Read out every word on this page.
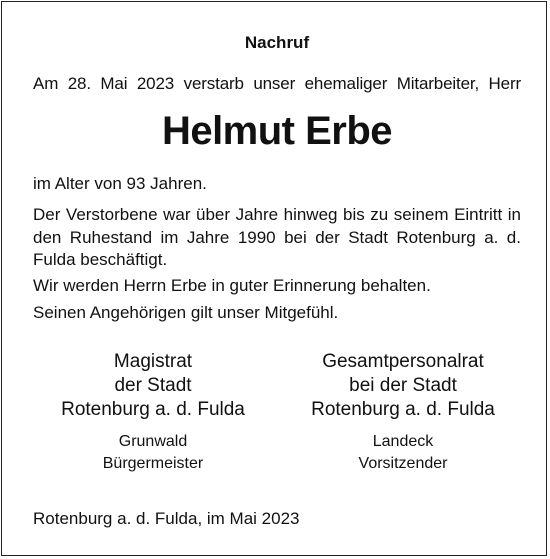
Nachruf
Am 28. Mai 2023 verstarb unser ehemaliger Mitarbeiter, Herr
Helmut Erbe
im Alter von 93 Jahren.
Der Verstorbene war über Jahre hinweg bis zu seinem Eintritt in den Ruhestand im Jahre 1990 bei der Stadt Rotenburg a. d. Fulda beschäftigt.
Wir werden Herrn Erbe in guter Erinnerung behalten.
Seinen Angehörigen gilt unser Mitgefühl.
Magistrat
der Stadt
Rotenburg a. d. Fulda
Grunwald
Bürgermeister
Gesamtpersonalrat
bei der Stadt
Rotenburg a. d. Fulda
Landeck
Vorsitzender
Rotenburg a. d. Fulda, im Mai 2023
